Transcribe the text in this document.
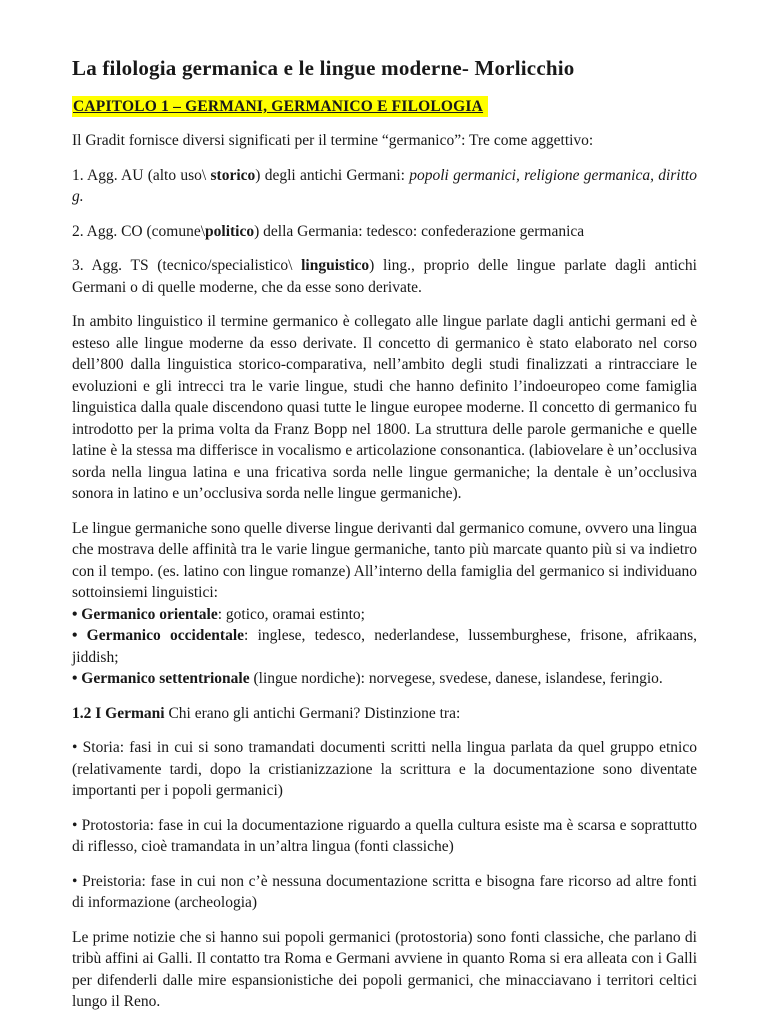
La filologia germanica e le lingue moderne- Morlicchio
CAPITOLO 1 – GERMANI, GERMANICO E FILOLOGIA

Il Gradit fornisce diversi significati per il termine “germanico”: Tre come aggettivo:

1. Agg. AU (alto uso\ storico) degli antichi Germani: popoli germanici, religione germanica, diritto g.

2. Agg. CO (comune\politico) della Germania: tedesco: confederazione germanica

3. Agg. TS (tecnico/specialistico\ linguistico) ling., proprio delle lingue parlate dagli antichi Germani o di quelle moderne, che da esse sono derivate.

In ambito linguistico il termine germanico è collegato alle lingue parlate dagli antichi germani ed è esteso alle lingue moderne da esso derivate. Il concetto di germanico è stato elaborato nel corso dell’800 dalla linguistica storico-comparativa, nell’ambito degli studi finalizzati a rintracciare le evoluzioni e gli intrecci tra le varie lingue, studi che hanno definito l’indoeuropeo come famiglia linguistica dalla quale discendono quasi tutte le lingue europee moderne. Il concetto di germanico fu introdotto per la prima volta da Franz Bopp nel 1800. La struttura delle parole germaniche e quelle latine è la stessa ma differisce in vocalismo e articolazione consonantica. (labiovelare è un’occlusiva sorda nella lingua latina e una fricativa sorda nelle lingue germaniche; la dentale è un’occlusiva sonora in latino e un’occlusiva sorda nelle lingue germaniche).

Le lingue germaniche sono quelle diverse lingue derivanti dal germanico comune, ovvero una lingua che mostrava delle affinità tra le varie lingue germaniche, tanto più marcate quanto più si va indietro con il tempo. (es. latino con lingue romanze) All’interno della famiglia del germanico si individuano sottoinsiemi linguistici:

• Germanico orientale: gotico, oramai estinto;

• Germanico occidentale: inglese, tedesco, nederlandese, lussemburghese, frisone, afrikaans, jiddish;

• Germanico settentrionale (lingue nordiche): norvegese, svedese, danese, islandese, feringio.

1.2 I Germani Chi erano gli antichi Germani? Distinzione tra:

• Storia: fasi in cui si sono tramandati documenti scritti nella lingua parlata da quel gruppo etnico (relativamente tardi, dopo la cristianizzazione la scrittura e la documentazione sono diventate importanti per i popoli germanici)

• Protostoria: fase in cui la documentazione riguardo a quella cultura esiste ma è scarsa e soprattutto di riflesso, cioè tramandata in un’altra lingua (fonti classiche)

• Preistoria: fase in cui non c’è nessuna documentazione scritta e bisogna fare ricorso ad altre fonti di informazione (archeologia)

Le prime notizie che si hanno sui popoli germanici (protostoria) sono fonti classiche, che parlano di tribù affini ai Galli. Il contatto tra Roma e Germani avviene in quanto Roma si era alleata con i Galli per difenderli dalle mire espansionistiche dei popoli germanici, che minacciavano i territori celtici lungo il Reno.
